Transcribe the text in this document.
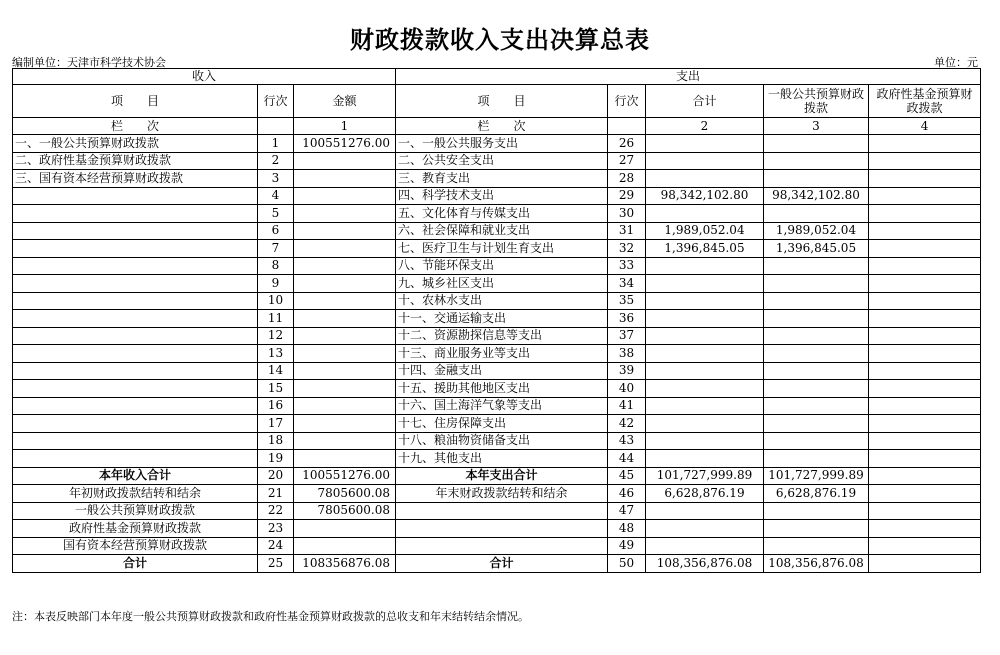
财政拨款收入支出决算总表
编制单位：天津市科学技术协会	单位：元
收入			支出				
项　　目	行次	金额	项　　目	行次	合计	一般公共预算财政拨款	政府性基金预算财政拨款
栏　　次		1	栏　　次		2	3	4
一、一般公共预算财政拨款	1	100551276.00	一、一般公共服务支出	26			
二、政府性基金预算财政拨款	2		二、公共安全支出	27			
三、国有资本经营预算财政拨款	3		三、教育支出	28			
	4		四、科学技术支出	29	98,342,102.80	98,342,102.80	
	5		五、文化体育与传媒支出	30			
	6		六、社会保障和就业支出	31	1,989,052.04	1,989,052.04	
	7		七、医疗卫生与计划生育支出	32	1,396,845.05	1,396,845.05	
	8		八、节能环保支出	33			
	9		九、城乡社区支出	34			
	10		十、农林水支出	35			
	11		十一、交通运输支出	36			
	12		十二、资源勘探信息等支出	37			
	13		十三、商业服务业等支出	38			
	14		十四、金融支出	39			
	15		十五、援助其他地区支出	40			
	16		十六、国土海洋气象等支出	41			
	17		十七、住房保障支出	42			
	18		十八、粮油物资储备支出	43			
	19		十九、其他支出	44			
本年收入合计	20	100551276.00	本年支出合计	45	101,727,999.89	101,727,999.89	
年初财政拨款结转和结余	21	7805600.08	年末财政拨款结转和结余	46	6,628,876.19	6,628,876.19	
一般公共预算财政拨款	22	7805600.08		47			
政府性基金预算财政拨款	23			48			
国有资本经营预算财政拨款	24			49			
合计	25	108356876.08	合计	50	108,356,876.08	108,356,876.08	
注：本表反映部门本年度一般公共预算财政拨款和政府性基金预算财政拨款的总收支和年末结转结余情况。
